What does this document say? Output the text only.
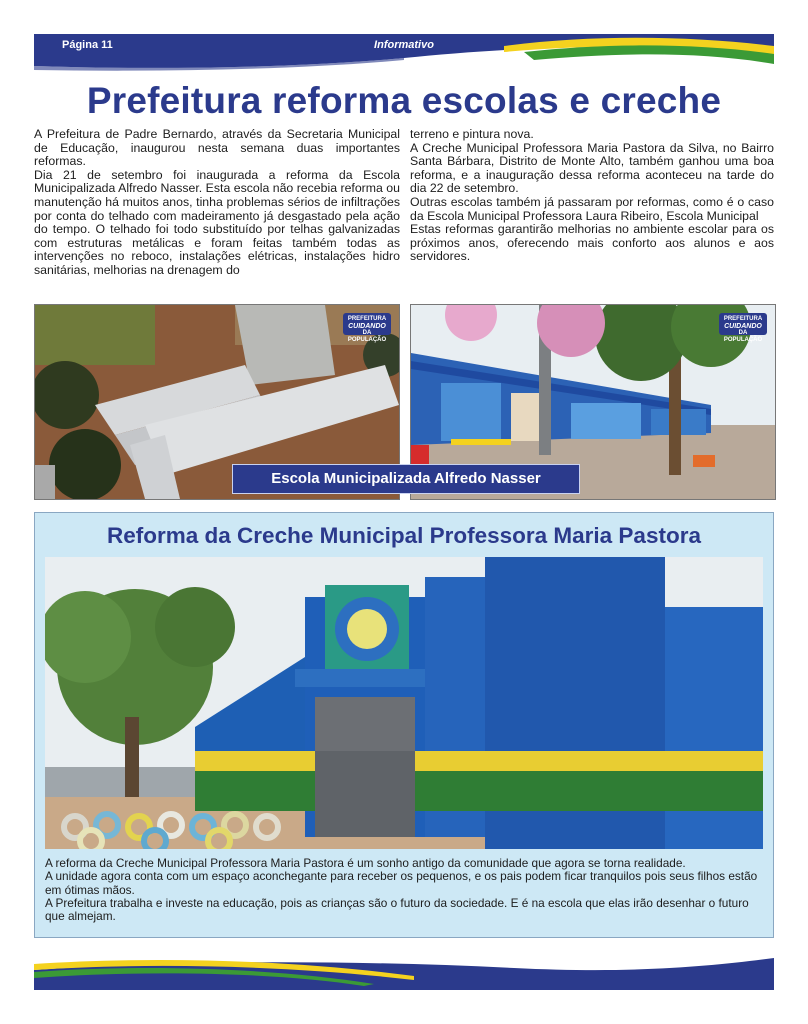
Página 11	Informativo
Prefeitura reforma escolas e creche

A Prefeitura de Padre Bernardo, através da Secretaria Municipal de Educação, inaugurou nesta semana duas importantes reformas.

Dia 21 de setembro foi inaugurada a reforma da Escola Municipalizada Alfredo Nasser. Esta escola não recebia reforma ou manutenção há muitos anos, tinha problemas sérios de infiltrações por conta do telhado com madeiramento já desgastado pela ação do tempo. O telhado foi todo substituído por telhas galvanizadas com estruturas metálicas e foram feitas também todas as intervenções no reboco, instalações elétricas, instalações hidro sanitárias, melhorias na drenagem do

terreno e pintura nova.

A Creche Municipal Professora Maria Pastora da Silva, no Bairro Santa Bárbara, Distrito de Monte Alto, também ganhou uma boa reforma, e a inauguração dessa reforma aconteceu na tarde do dia 22 de setembro.

Outras escolas também já passaram por reformas, como é o caso da Escola Municipal Professora Laura Ribeiro, Escola Municipal

Estas reformas garantirão melhorias no ambiente escolar para os próximos anos, oferecendo mais conforto aos alunos e aos servidores.

PREFEITURA
CUIDANDO
DA POPULAÇÃO
PREFEITURA
CUIDANDO
DA POPULAÇÃO
Escola Municipalizada Alfredo Nasser
Reforma da Creche Municipal Professora Maria Pastora

A reforma da Creche Municipal Professora Maria Pastora é um sonho antigo da comunidade que agora se torna realidade.

A unidade agora conta com um espaço aconchegante para receber os pequenos, e os pais podem ficar tranquilos pois seus filhos estão em ótimas mãos.

A Prefeitura trabalha e investe na educação, pois as crianças são o futuro da sociedade. E é na escola que elas irão desenhar o futuro que almejam.
